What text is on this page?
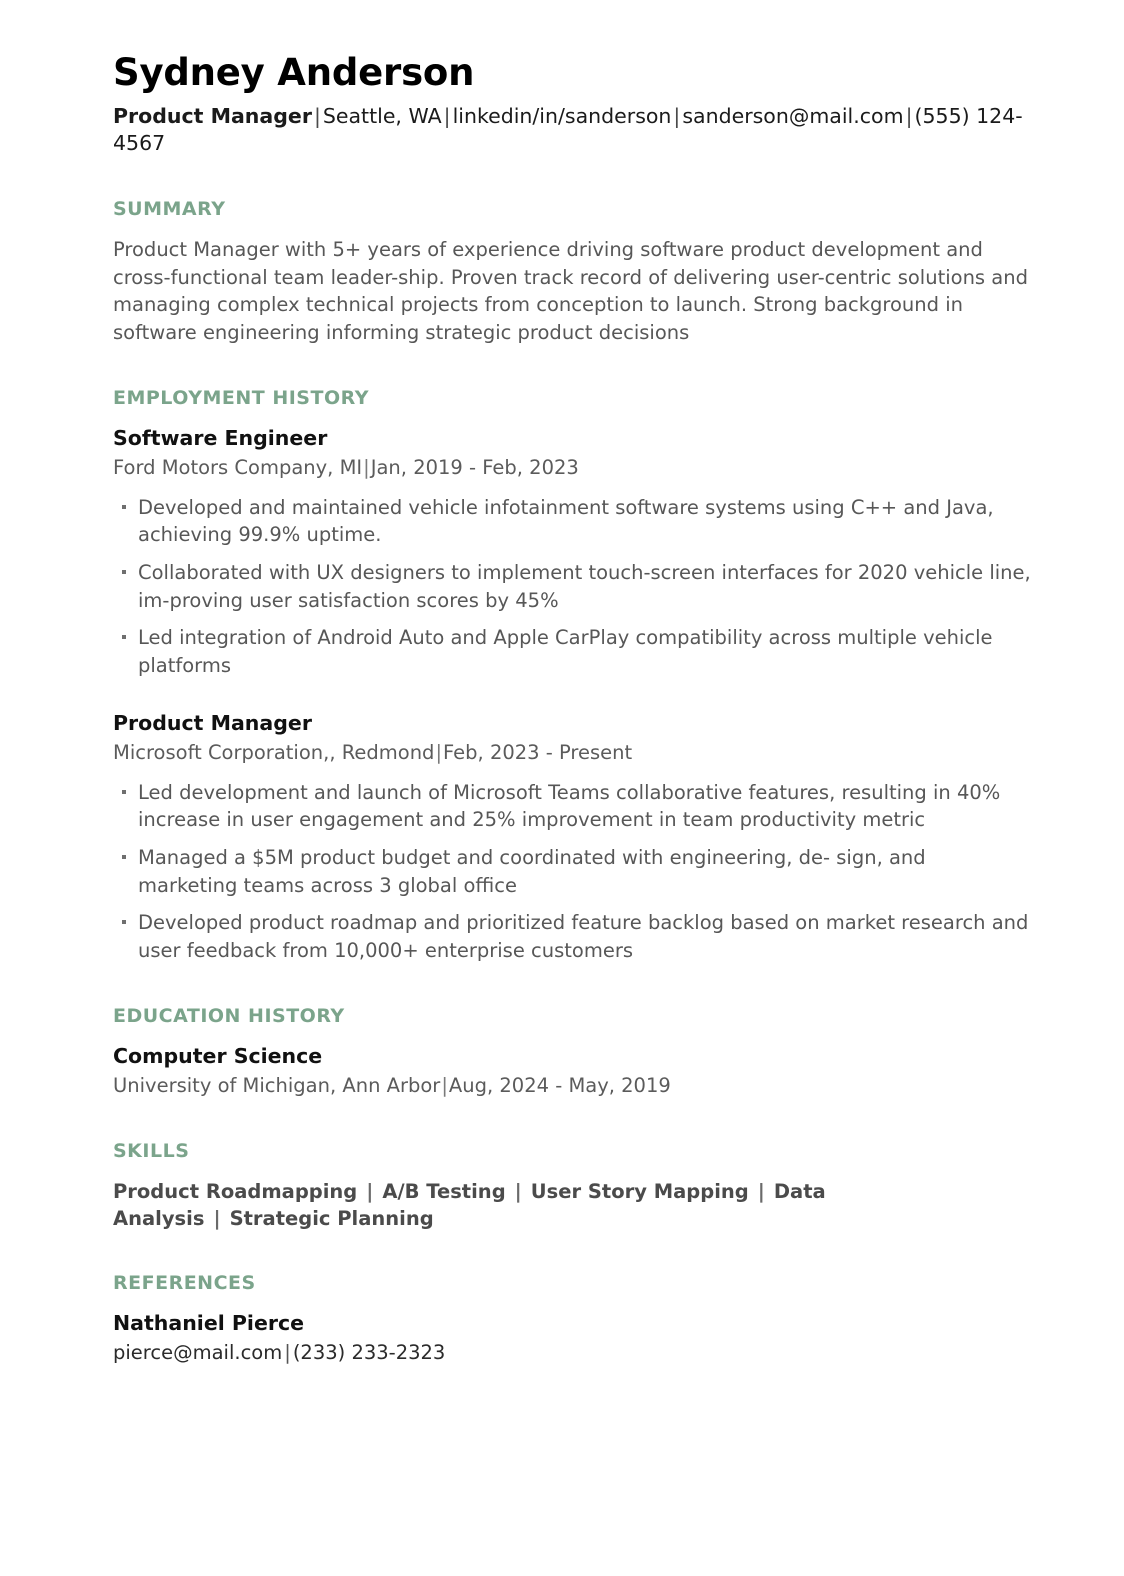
Sydney Anderson

Product Manager|Seattle, WA|linkedin/in/sanderson|sanderson@mail.com|(555) 124-4567

SUMMARY

Product Manager with 5+ years of experience driving software product development and cross-functional team leader-ship. Proven track record of delivering user-centric solutions and managing complex technical projects from conception to launch. Strong background in software engineering informing strategic product decisions

EMPLOYMENT HISTORY
Software Engineer

Ford Motors Company, MI|Jan, 2019 - Feb, 2023

Developed and maintained vehicle infotainment software systems using C++ and Java, achieving 99.9% uptime.
Collaborated with UX designers to implement touch-screen interfaces for 2020 vehicle line, im-proving user satisfaction scores by 45%
Led integration of Android Auto and Apple CarPlay compatibility across multiple vehicle platforms
Product Manager

Microsoft Corporation,, Redmond|Feb, 2023 - Present

Led development and launch of Microsoft Teams collaborative features, resulting in 40% increase in user engagement and 25% improvement in team productivity metric
Managed a $5M product budget and coordinated with engineering, de- sign, and marketing teams across 3 global office
Developed product roadmap and prioritized feature backlog based on market research and user feedback from 10,000+ enterprise customers
EDUCATION HISTORY
Computer Science

University of Michigan, Ann Arbor|Aug, 2024 - May, 2019

SKILLS

Product Roadmapping | A/B Testing | User Story Mapping | Data Analysis | Strategic Planning

REFERENCES
Nathaniel Pierce

pierce@mail.com | (233) 233-2323
